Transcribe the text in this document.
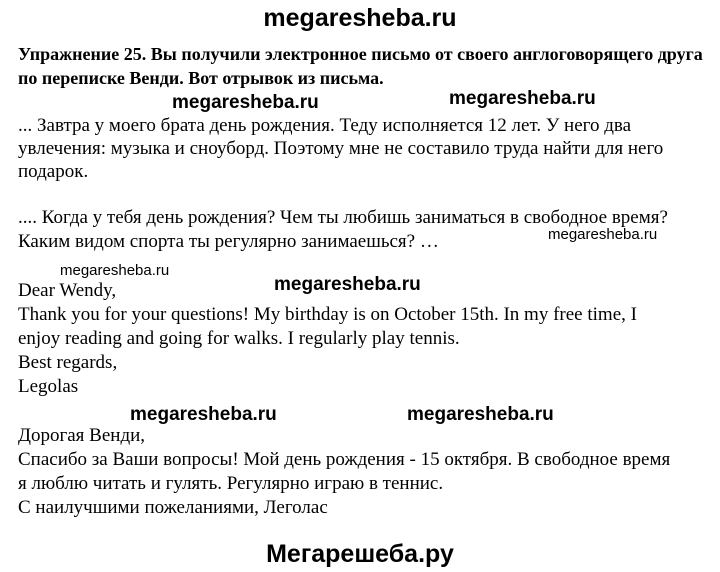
megaresheba.ru
Упражнение 25. Вы получили электронное письмо от своего англоговорящего друга по переписке Венди. Вот отрывок из письма.
megaresheba.ru	megaresheba.ru
... Завтра у моего брата день рождения. Теду исполняется 12 лет. У него два
увлечения: музыка и сноуборд. Поэтому мне не составило труда найти для него
подарок.
.... Когда у тебя день рождения? Чем ты любишь заниматься в свободное время?
Каким видом спорта ты регулярно занимаешься? …	megaresheba.ru
megaresheba.ru
megaresheba.ru
Dear Wendy,
Thank you for your questions! My birthday is on October 15th. In my free time, I
enjoy reading and going for walks. I regularly play tennis.
Best regards,
Legolas
megaresheba.ru	megaresheba.ru
Дорогая Венди,
Спасибо за Ваши вопросы! Мой день рождения - 15 октября. В свободное время
я люблю читать и гулять. Регулярно играю в теннис.
С наилучшими пожеланиями, Леголас
Мегарешеба.ру
